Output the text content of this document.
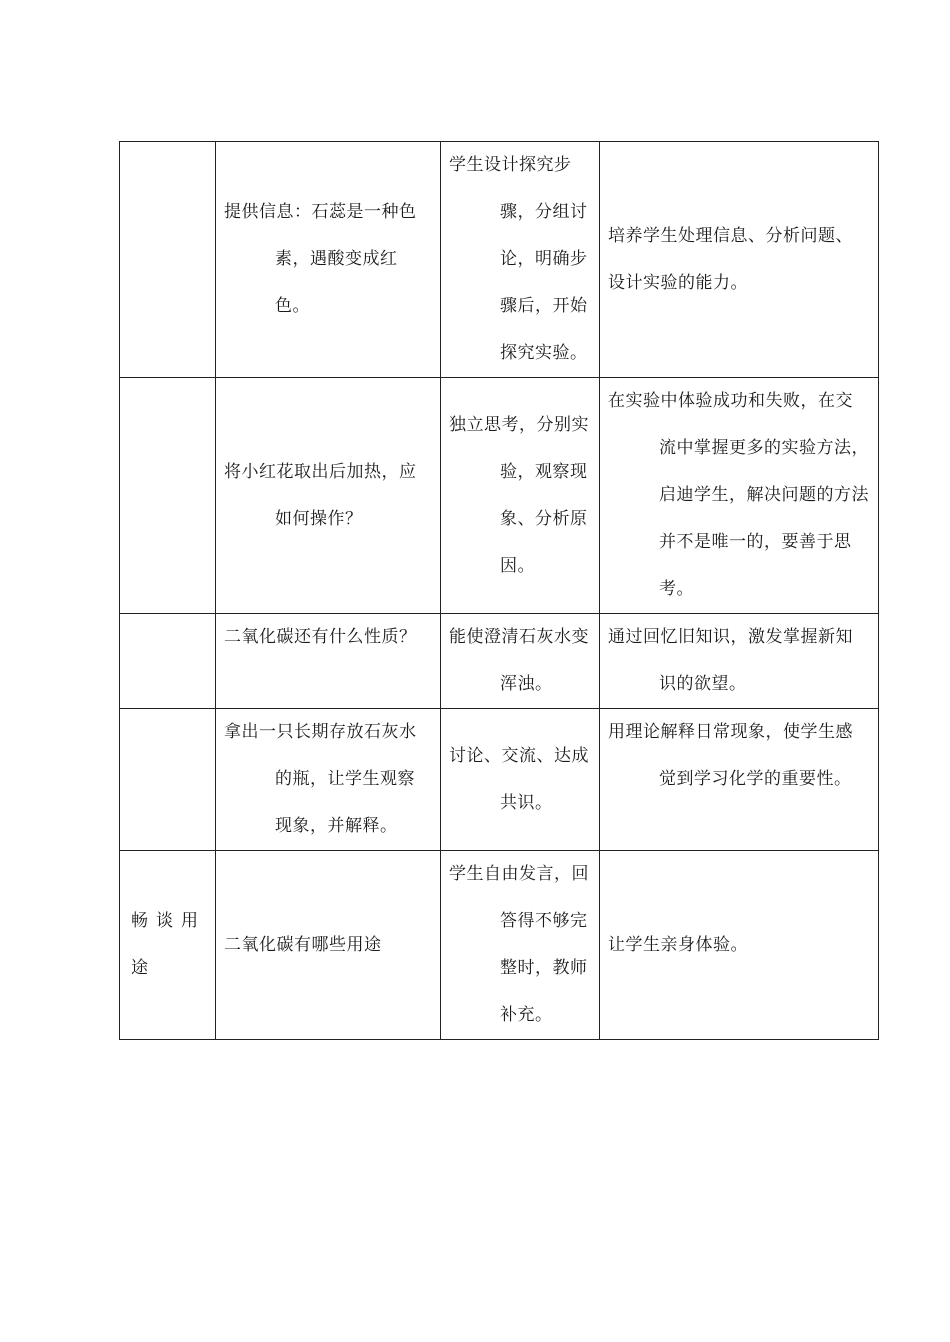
	提供信息：石蕊是一种色素，遇酸变成红色。	学生设计探究步骤，分组讨论，明确步骤后，开始探究实验。	培养学生处理信息、分析问题、设计实验的能力。

	将小红花取出后加热，应如何操作？	独立思考，分别实验，观察现象、分析原因。	在实验中体验成功和失败，在交流中掌握更多的实验方法，启迪学生，解决问题的方法并不是唯一的，要善于思考。

	二氧化碳还有什么性质？	能使澄清石灰水变浑浊。	通过回忆旧知识，激发掌握新知识的欲望。

	拿出一只长期存放石灰水的瓶，让学生观察现象，并解释。	讨论、交流、达成共识。	用理论解释日常现象，使学生感觉到学习化学的重要性。

畅谈用途	二氧化碳有哪些用途	学生自由发言，回答得不够完整时，教师补充。	让学生亲身体验。
